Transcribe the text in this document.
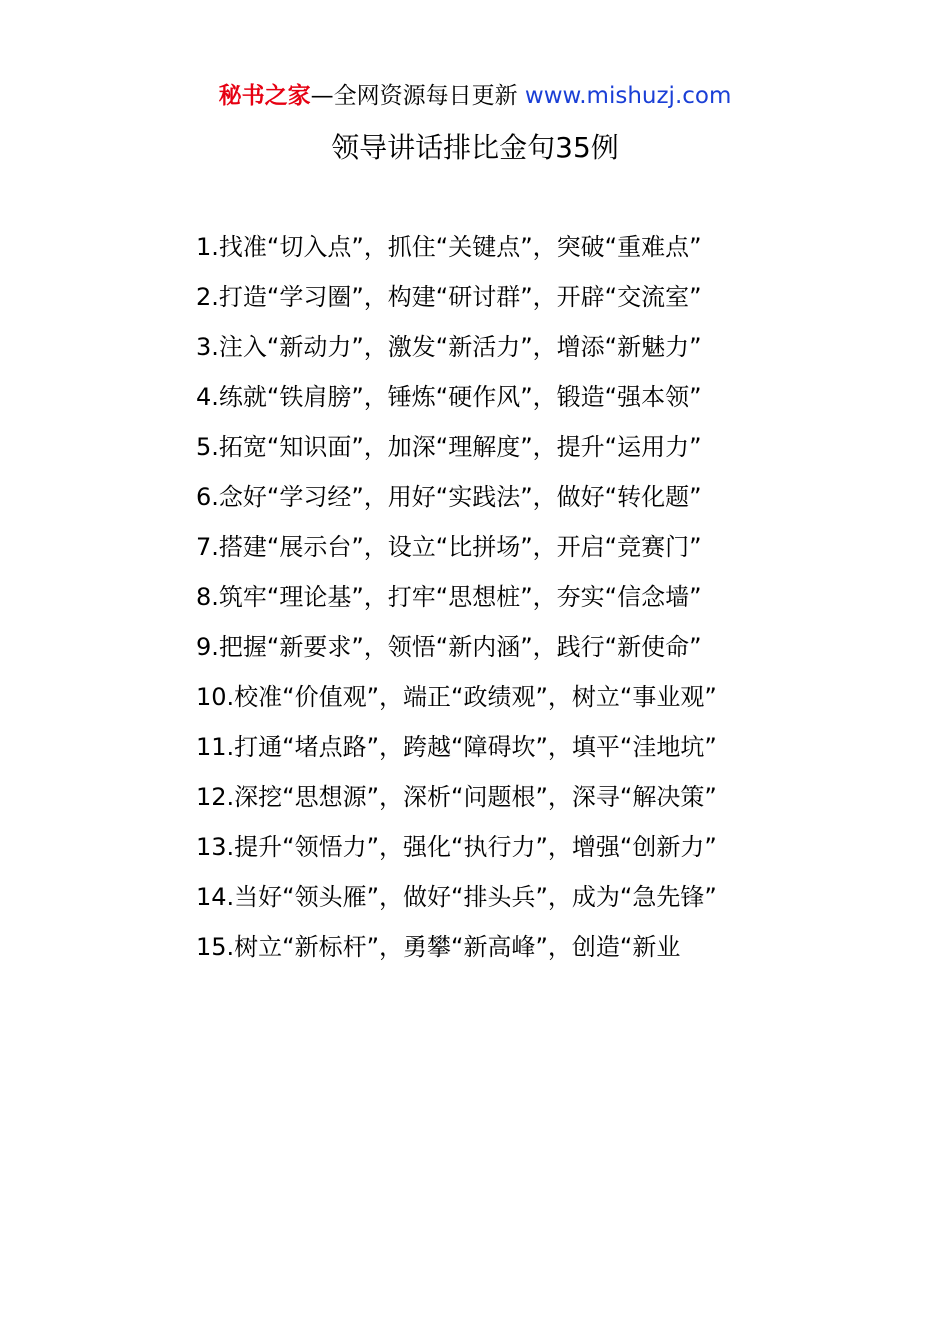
秘书之家—全网资源每日更新 www.mishuzj.com
领导讲话排比金句35例

1.找准“切入点”，抓住“关键点”，突破“重难点”

2.打造“学习圈”，构建“研讨群”，开辟“交流室”

3.注入“新动力”，激发“新活力”，增添“新魅力”

4.练就“铁肩膀”，锤炼“硬作风”，锻造“强本领”

5.拓宽“知识面”，加深“理解度”，提升“运用力”

6.念好“学习经”，用好“实践法”，做好“转化题”

7.搭建“展示台”，设立“比拼场”，开启“竞赛门”

8.筑牢“理论基”，打牢“思想桩”，夯实“信念墙”

9.把握“新要求”，领悟“新内涵”，践行“新使命”

10.校准“价值观”，端正“政绩观”，树立“事业观”

11.打通“堵点路”，跨越“障碍坎”，填平“洼地坑”

12.深挖“思想源”，深析“问题根”，深寻“解决策”

13.提升“领悟力”，强化“执行力”，增强“创新力”

14.当好“领头雁”，做好“排头兵”，成为“急先锋”

15.树立“新标杆”，勇攀“新高峰”，创造“新业
